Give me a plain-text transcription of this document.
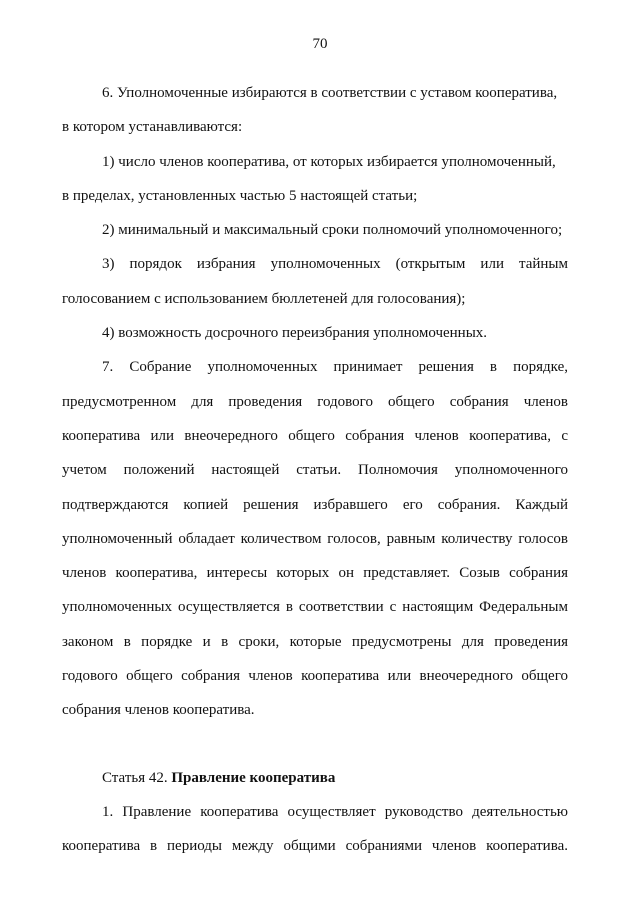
70
6. Уполномоченные избираются в соответствии с уставом кооператива,
в котором устанавливаются:
1) число членов кооператива, от которых избирается уполномоченный,
в пределах, установленных частью 5 настоящей статьи;
2) минимальный и максимальный сроки полномочий уполномоченного;
3) порядок избрания уполномоченных (открытым или тайным
голосованием с использованием бюллетеней для голосования);
4) возможность досрочного переизбрания уполномоченных.
7. Собрание уполномоченных принимает решения в порядке,
предусмотренном для проведения годового общего собрания членов
кооператива или внеочередного общего собрания членов кооператива, с
учетом положений настоящей статьи. Полномочия уполномоченного
подтверждаются копией решения избравшего его собрания. Каждый
уполномоченный обладает количеством голосов, равным количеству голосов
членов кооператива, интересы которых он представляет. Созыв собрания
уполномоченных осуществляется в соответствии с настоящим Федеральным
законом в порядке и в сроки, которые предусмотрены для проведения
годового общего собрания членов кооператива или внеочередного общего
собрания членов кооператива.
Статья 42. Правление кооператива
1. Правление кооператива осуществляет руководство деятельностью
кооператива в периоды между общими собраниями членов кооператива.
